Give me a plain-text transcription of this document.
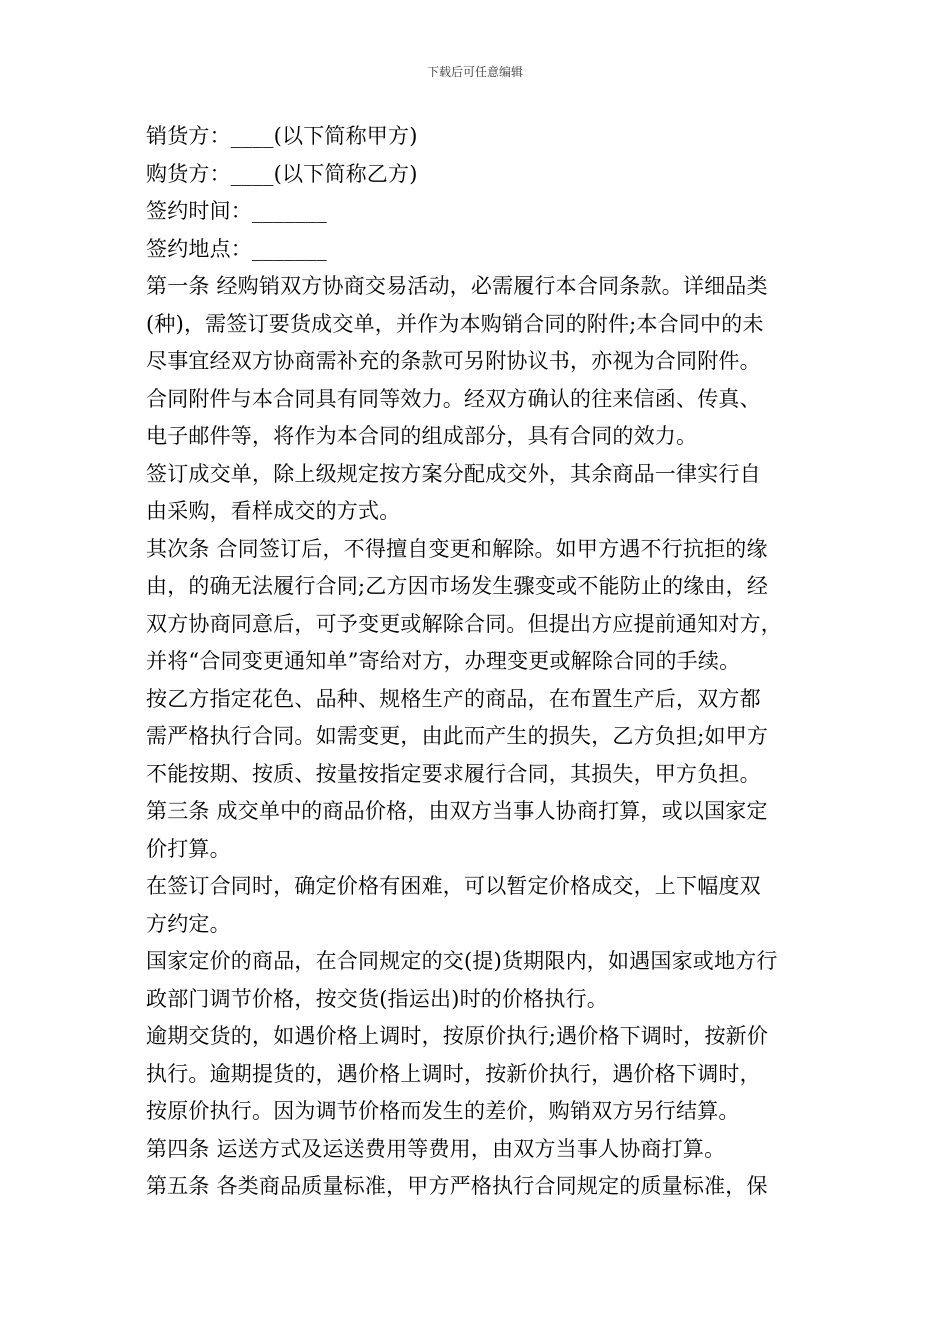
下载后可任意编辑
销货方：____(以下简称甲方)
购货方：____(以下简称乙方)
签约时间：_______
签约地点：_______
第一条 经购销双方协商交易活动，必需履行本合同条款。详细品类
(种)，需签订要货成交单，并作为本购销合同的附件;本合同中的未
尽事宜经双方协商需补充的条款可另附协议书，亦视为合同附件。
合同附件与本合同具有同等效力。经双方确认的往来信函、传真、
电子邮件等，将作为本合同的组成部分，具有合同的效力。
签订成交单，除上级规定按方案分配成交外，其余商品一律实行自
由采购，看样成交的方式。
其次条 合同签订后，不得擅自变更和解除。如甲方遇不行抗拒的缘
由，的确无法履行合同;乙方因市场发生骤变或不能防止的缘由，经
双方协商同意后，可予变更或解除合同。但提出方应提前通知对方，
并将“合同变更通知单”寄给对方，办理变更或解除合同的手续。
按乙方指定花色、品种、规格生产的商品，在布置生产后，双方都
需严格执行合同。如需变更，由此而产生的损失，乙方负担;如甲方
不能按期、按质、按量按指定要求履行合同，其损失，甲方负担。
第三条 成交单中的商品价格，由双方当事人协商打算，或以国家定
价打算。
在签订合同时，确定价格有困难，可以暂定价格成交，上下幅度双
方约定。
国家定价的商品，在合同规定的交(提)货期限内，如遇国家或地方行
政部门调节价格，按交货(指运出)时的价格执行。
逾期交货的，如遇价格上调时，按原价执行;遇价格下调时，按新价
执行。逾期提货的，遇价格上调时，按新价执行，遇价格下调时，
按原价执行。因为调节价格而发生的差价，购销双方另行结算。
第四条 运送方式及运送费用等费用，由双方当事人协商打算。
第五条 各类商品质量标准，甲方严格执行合同规定的质量标准，保
